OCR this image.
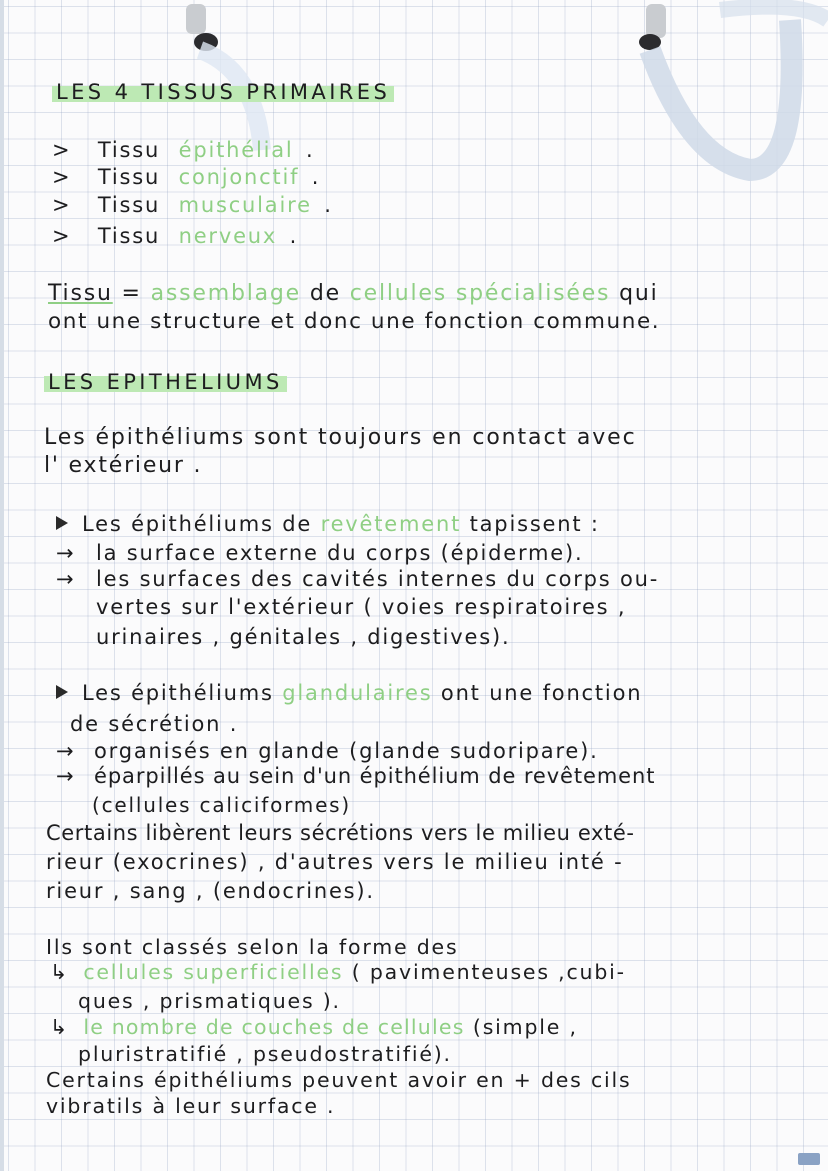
LES 4 TISSUS PRIMAIRES
> Tissu épithélial .
> Tissu conjonctif .
> Tissu musculaire .
> Tissu nerveux .
Tissu = assemblage de cellules spécialisées qui
ont une structure et donc une fonction commune.
LES EPITHELIUMS
Les épithéliums sont toujours en contact avec
l' extérieur .
Les épithéliums de revêtement tapissent :
→ la surface externe du corps (épiderme).
→ les surfaces des cavités internes du corps ou-
vertes sur l'extérieur ( voies respiratoires ,
urinaires , génitales , digestives).
Les épithéliums glandulaires ont une fonction
de sécrétion .
→ organisés en glande (glande sudoripare).
→ éparpillés au sein d'un épithélium de revêtement
(cellules caliciformes)
Certains libèrent leurs sécrétions vers le milieu exté-
rieur (exocrines) , d'autres vers le milieu inté -
rieur , sang , (endocrines).
Ils sont classés selon la forme des
↳ cellules superficielles ( pavimenteuses ,cubi-
ques , prismatiques ).
↳ le nombre de couches de cellules (simple ,
pluristratifié , pseudostratifié).
Certains épithéliums peuvent avoir en + des cils
vibratils à leur surface .
